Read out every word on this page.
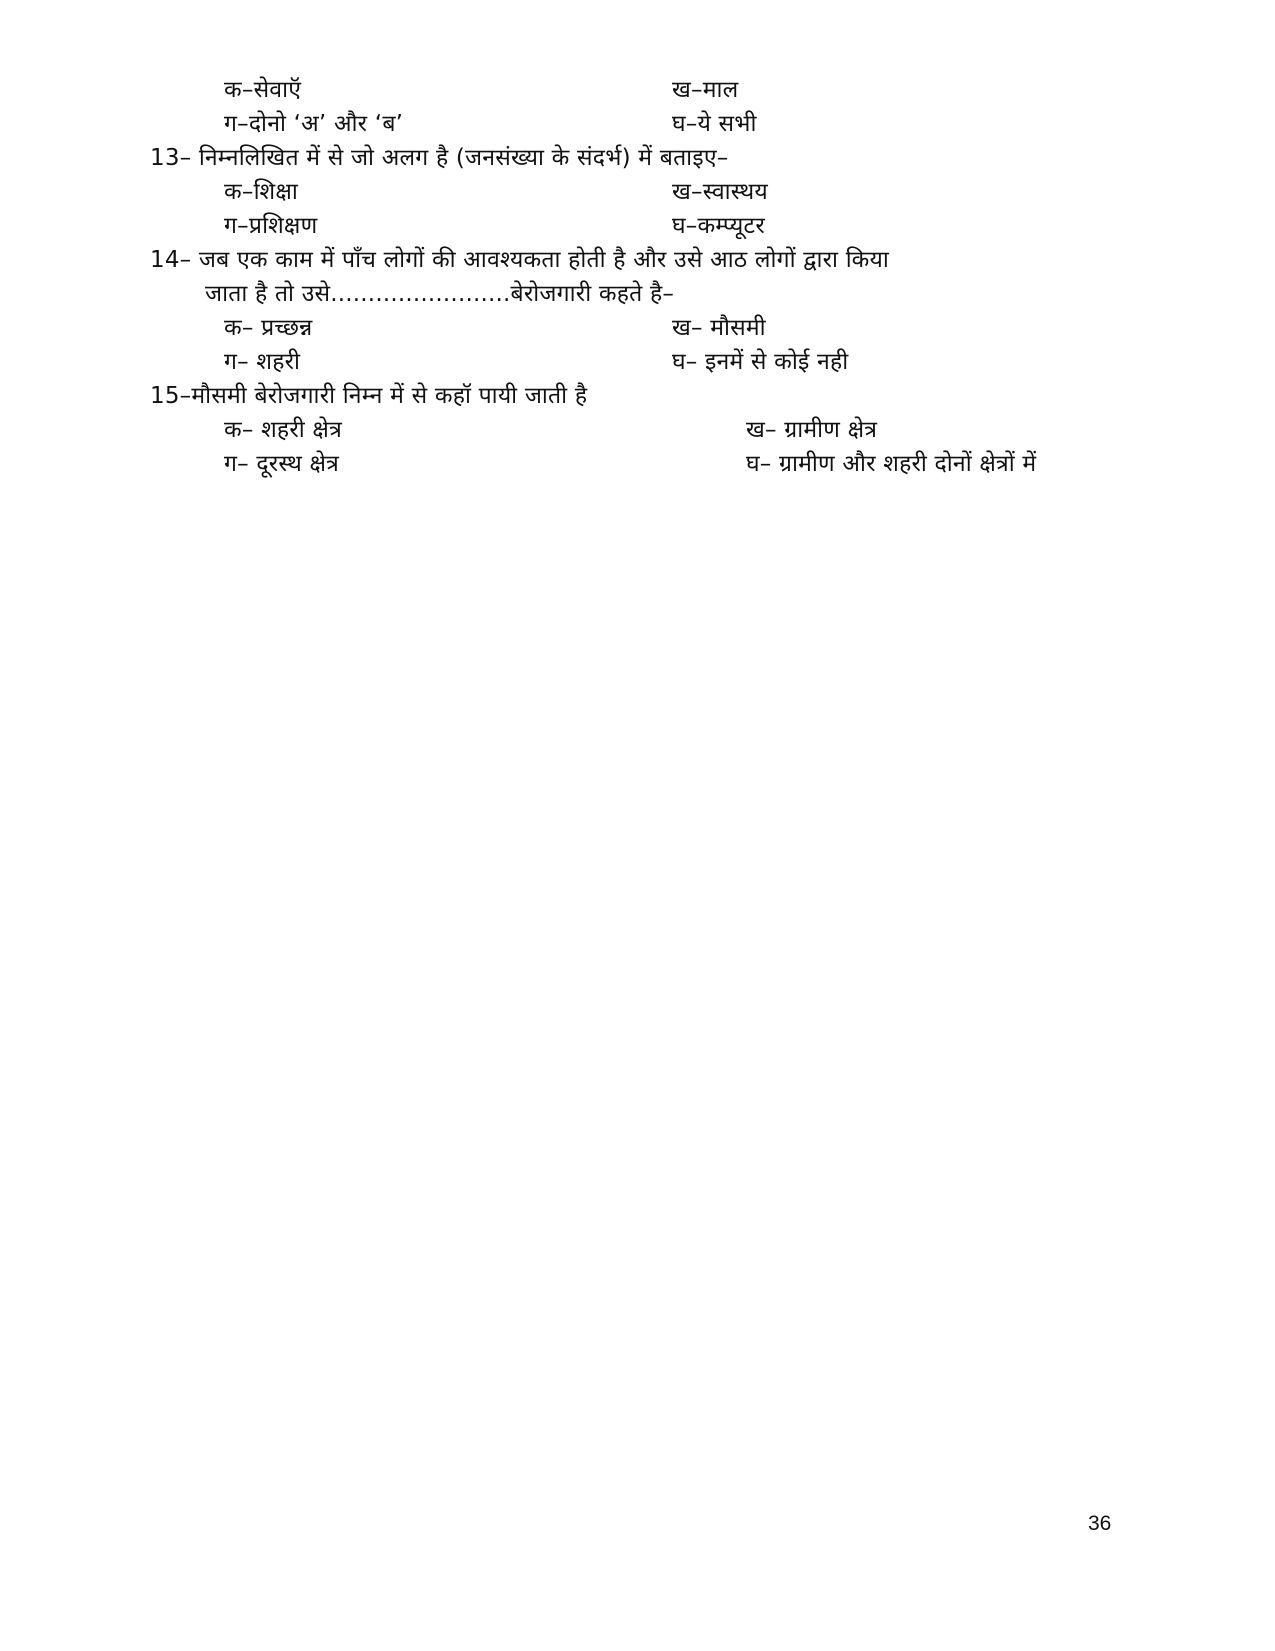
क–सेवाऍ	ख–माल
ग–दोनो ‘अ’ और ‘ब’	घ–ये सभी
13– निम्नलिखित में से जो अलग है (जनसंख्या के संदर्भ) में बताइए–
क–शिक्षा	ख–स्वास्थय
ग–प्रशिक्षण	घ–कम्प्यूटर
14– जब एक काम में पाँच लोगों की आवश्यकता होती है और उसे आठ लोगों द्वारा किया
जाता है तो उसे........................बेरोजगारी कहते है–
क– प्रच्छन्न	ख– मौसमी
ग– शहरी	घ– इनमें से कोई नही
15–मौसमी बेरोजगारी निम्न में से कहॉ पायी जाती है
क– शहरी क्षेत्र	ख– ग्रामीण क्षेत्र
ग– दूरस्थ क्षेत्र	घ– ग्रामीण और शहरी दोनों क्षेत्रों में
36
